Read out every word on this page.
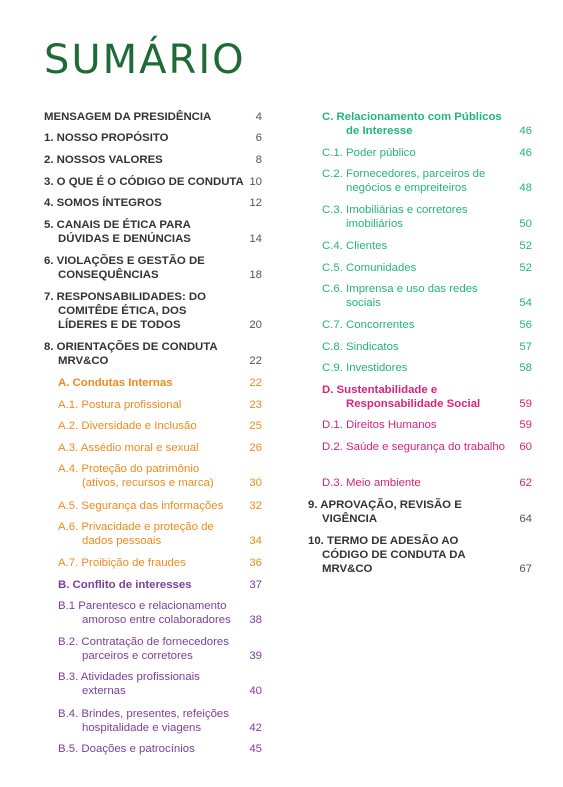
SUMÁRIO
MENSAGEM DA PRESIDÊNCIA	4
1. NOSSO PROPÓSITO	6
2. NOSSOS VALORES	8
3. O QUE É O CÓDIGO DE CONDUTA 10
4. SOMOS ÍNTEGROS	12
5. CANAIS DE ÉTICA PARA DÚVIDAS E DENÚNCIAS	14
6. VIOLAÇÕES E GESTÃO DE CONSEQUÊNCIAS	18
7. RESPONSABILIDADES: DO COMITÊDE ÉTICA, DOS LÍDERES E DE TODOS	20
8. ORIENTAÇÕES DE CONDUTA MRV&CO	22
A. Condutas Internas	22
A.1. Postura profissional	23
A.2. Diversidade e Inclusão	25
A.3. Assédio moral e sexual	26
A.4. Proteção do patrimônio (ativos, recursos e marca)	30
A.5. Segurança das informações	32
A.6. Privacidade e proteção de dados pessoais	34
A.7. Proibição de fraudes	36
B. Conflito de interesses	37
B.1 Parentesco e relacionamento amoroso entre colaboradores	38
B.2. Contratação de fornecedores parceiros e corretores	39
B.3. Atividades profissionais externas	40
B.4. Brindes, presentes, refeições hospitalidade e viagens	42
B.5. Doações e patrocínios	45
C. Relacionamento com Públicos de Interesse	46
C.1. Poder público	46
C.2. Fornecedores, parceiros de negócios e empreiteiros	48
C.3. Imobiliárias e corretores imobiliários	50
C.4. Clientes	52
C.5. Comunidades	52
C.6. Imprensa e uso das redes sociais	54
C.7. Concorrentes	56
C.8. Sindicatos	57
C.9. Investidores	58
D. Sustentabilidade e Responsabilidade Social	59
D.1. Direitos Humanos	59
D.2. Saúde e segurança do trabalho	60
D.3. Meio ambiente	62
9. APROVAÇÃO, REVISÃO E VIGÊNCIA	64
10. TERMO DE ADESÃO AO CÓDIGO DE CONDUTA DA MRV&CO	67
